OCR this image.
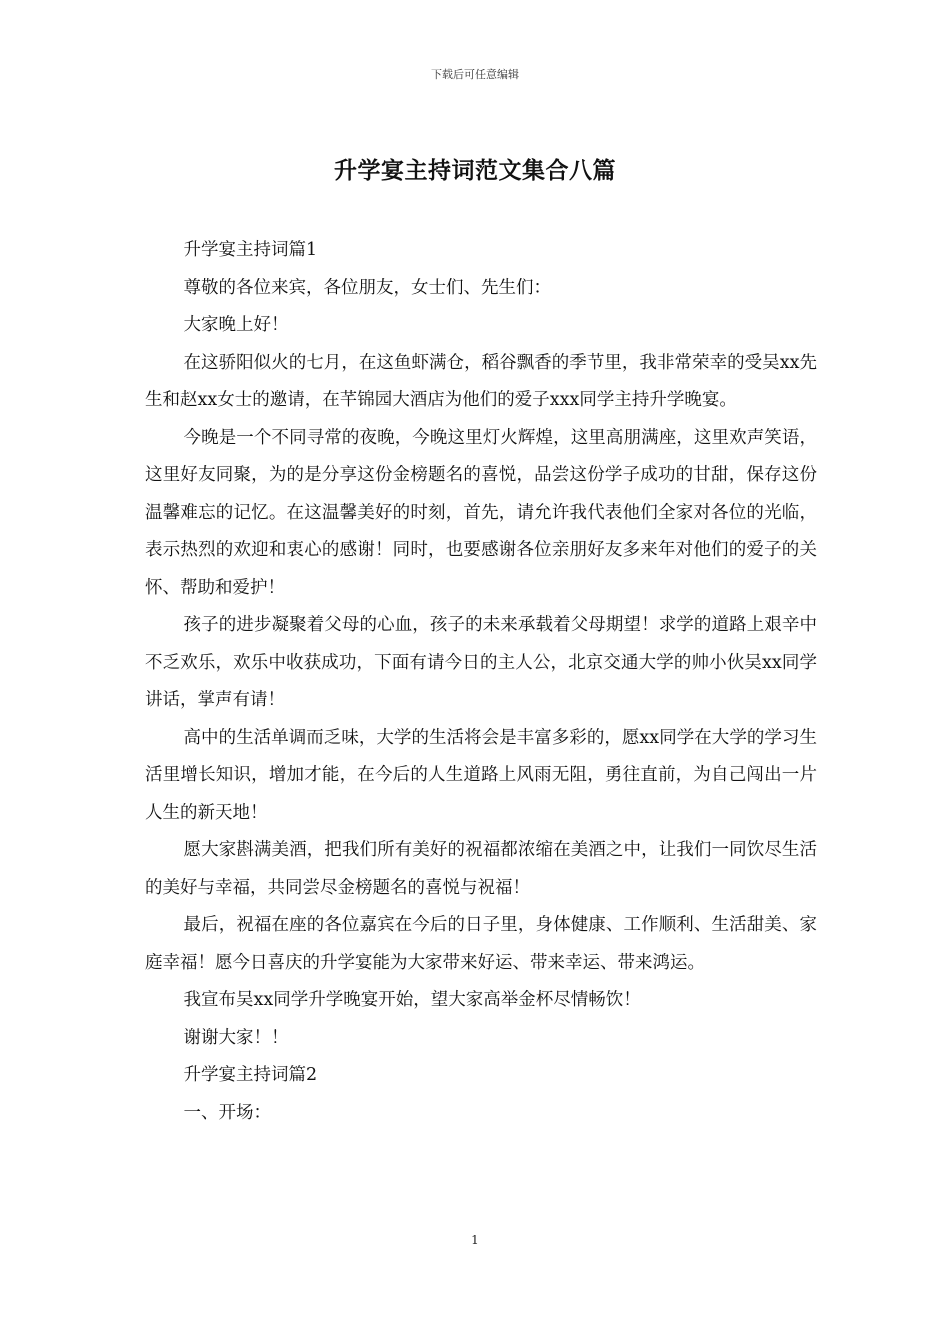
下载后可任意编辑
升学宴主持词范文集合八篇

升学宴主持词篇1

尊敬的各位来宾，各位朋友，女士们、先生们：

大家晚上好！

在这骄阳似火的七月，在这鱼虾满仓，稻谷飘香的季节里，我非常荣幸的受吴xx先生和赵xx女士的邀请，在芊锦园大酒店为他们的爱子xxx同学主持升学晚宴。

今晚是一个不同寻常的夜晚，今晚这里灯火辉煌，这里高朋满座，这里欢声笑语，这里好友同聚，为的是分享这份金榜题名的喜悦，品尝这份学子成功的甘甜，保存这份温馨难忘的记忆。在这温馨美好的时刻，首先，请允许我代表他们全家对各位的光临，表示热烈的欢迎和衷心的感谢！同时，也要感谢各位亲朋好友多来年对他们的爱子的关怀、帮助和爱护！

孩子的进步凝聚着父母的心血，孩子的未来承载着父母期望！求学的道路上艰辛中不乏欢乐，欢乐中收获成功，下面有请今日的主人公，北京交通大学的帅小伙吴xx同学讲话，掌声有请！

高中的生活单调而乏味，大学的生活将会是丰富多彩的，愿xx同学在大学的学习生活里增长知识，增加才能，在今后的人生道路上风雨无阻，勇往直前，为自己闯出一片人生的新天地！

愿大家斟满美酒，把我们所有美好的祝福都浓缩在美酒之中，让我们一同饮尽生活的美好与幸福，共同尝尽金榜题名的喜悦与祝福！

最后，祝福在座的各位嘉宾在今后的日子里，身体健康、工作顺利、生活甜美、家庭幸福！愿今日喜庆的升学宴能为大家带来好运、带来幸运、带来鸿运。

我宣布吴xx同学升学晚宴开始，望大家高举金杯尽情畅饮！

谢谢大家！！

升学宴主持词篇2

一、开场：

1
